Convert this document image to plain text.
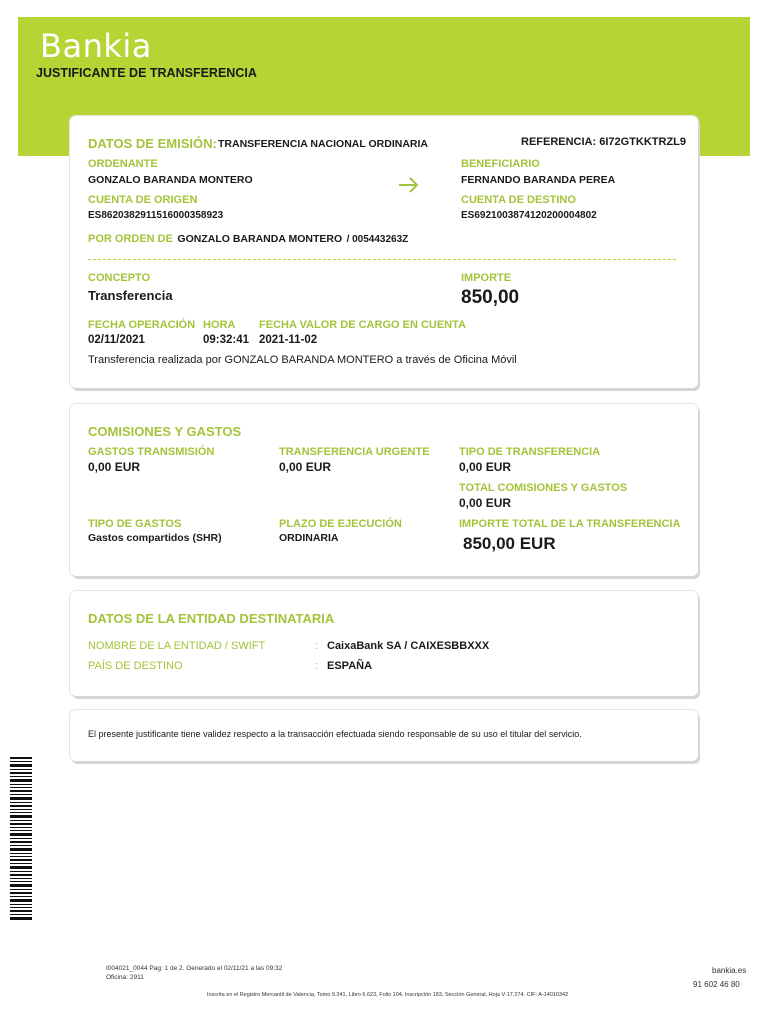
Bankia
JUSTIFICANTE DE TRANSFERENCIA
DATOS DE EMISIÓN: TRANSFERENCIA NACIONAL ORDINARIA	REFERENCIA: 6I72GTKKTRZL9
ORDENANTE
GONZALO BARANDA MONTERO
CUENTA DE ORIGEN
ES8620382911516000358923
BENEFICIARIO
FERNANDO BARANDA PEREA
CUENTA DE DESTINO
ES6921003874120200004802
POR ORDEN DE GONZALO BARANDA MONTERO / 005443263Z
CONCEPTO
Transferencia
IMPORTE
850,00
FECHA OPERACIÓN
02/11/2021
HORA
09:32:41
FECHA VALOR DE CARGO EN CUENTA
2021-11-02
Transferencia realizada por GONZALO BARANDA MONTERO a través de Oficina Móvil
COMISIONES Y GASTOS
GASTOS TRANSMISIÓN
0,00 EUR
TRANSFERENCIA URGENTE
0,00 EUR
TIPO DE TRANSFERENCIA
0,00 EUR
TOTAL COMISIONES Y GASTOS
0,00 EUR
TIPO DE GASTOS
Gastos compartidos (SHR)
PLAZO DE EJECUCIÓN
ORDINARIA
IMPORTE TOTAL DE LA TRANSFERENCIA
850,00 EUR
DATOS DE LA ENTIDAD DESTINATARIA
NOMBRE DE LA ENTIDAD / SWIFT	: CaixaBank SA / CAIXESBBXXX
PAÍS DE DESTINO	: ESPAÑA
El presente justificante tiene validez respecto a la transacción efectuada siendo responsable de su uso el titular del servicio.
I004021_0044 Pag: 1 de 2. Generado el 02/11/21 a las 09:32
Oficina: 2911
Inscrita en el Registro Mercantil de Valencia, Tomo 9.341, Libro 6.623, Folio 104, Inscripción 183, Sección General, Hoja V-17.274. CIF: A-14010342
bankia.es
91 602 46 80
